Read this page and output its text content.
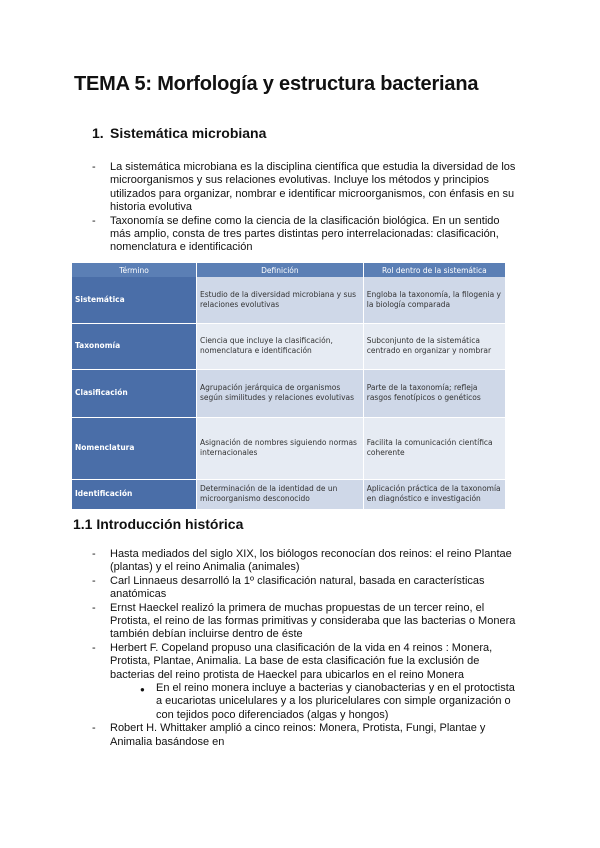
TEMA 5: Morfología y estructura bacteriana
1. Sistemática microbiana
- La sistemática microbiana es la disciplina científica que estudia la diversidad de los microorganismos y sus relaciones evolutivas. Incluye los métodos y principios utilizados para organizar, nombrar e identificar microorganismos, con énfasis en su historia evolutiva
- Taxonomía se define como la ciencia de la clasificación biológica. En un sentido más amplio, consta de tres partes distintas pero interrelacionadas: clasificación, nomenclatura e identificación
Término	Definición	Rol dentro de la sistemática
Sistemática	Estudio de la diversidad microbiana y sus relaciones evolutivas	Engloba la taxonomía, la filogenia y la biología comparada
Taxonomía	Ciencia que incluye la clasificación, nomenclatura e identificación	Subconjunto de la sistemática centrado en organizar y nombrar
Clasificación	Agrupación jerárquica de organismos según similitudes y relaciones evolutivas	Parte de la taxonomía; refleja rasgos fenotípicos o genéticos
Nomenclatura	Asignación de nombres siguiendo normas internacionales	Facilita la comunicación científica coherente
Identificación	Determinación de la identidad de un microorganismo desconocido	Aplicación práctica de la taxonomía en diagnóstico e investigación
1.1 Introducción histórica
- Hasta mediados del siglo XIX, los biólogos reconocían dos reinos: el reino Plantae (plantas) y el reino Animalia (animales)
- Carl Linnaeus desarrolló la 1º clasificación natural, basada en características anatómicas
- Ernst Haeckel realizó la primera de muchas propuestas de un tercer reino, el Protista, el reino de las formas primitivas y consideraba que las bacterias o Monera también debían incluirse dentro de éste
- Herbert F. Copeland propuso una clasificación de la vida en 4 reinos : Monera, Protista, Plantae, Animalia. La base de esta clasificación fue la exclusión de bacterias del reino protista de Haeckel para ubicarlos en el reino Monera
● En el reino monera incluye a bacterias y cianobacterias y en el protoctista a eucariotas unicelulares y a los pluricelulares con simple organización o con tejidos poco diferenciados (algas y hongos)
- Robert H. Whittaker amplió a cinco reinos: Monera, Protista, Fungi, Plantae y Animalia basándose en
